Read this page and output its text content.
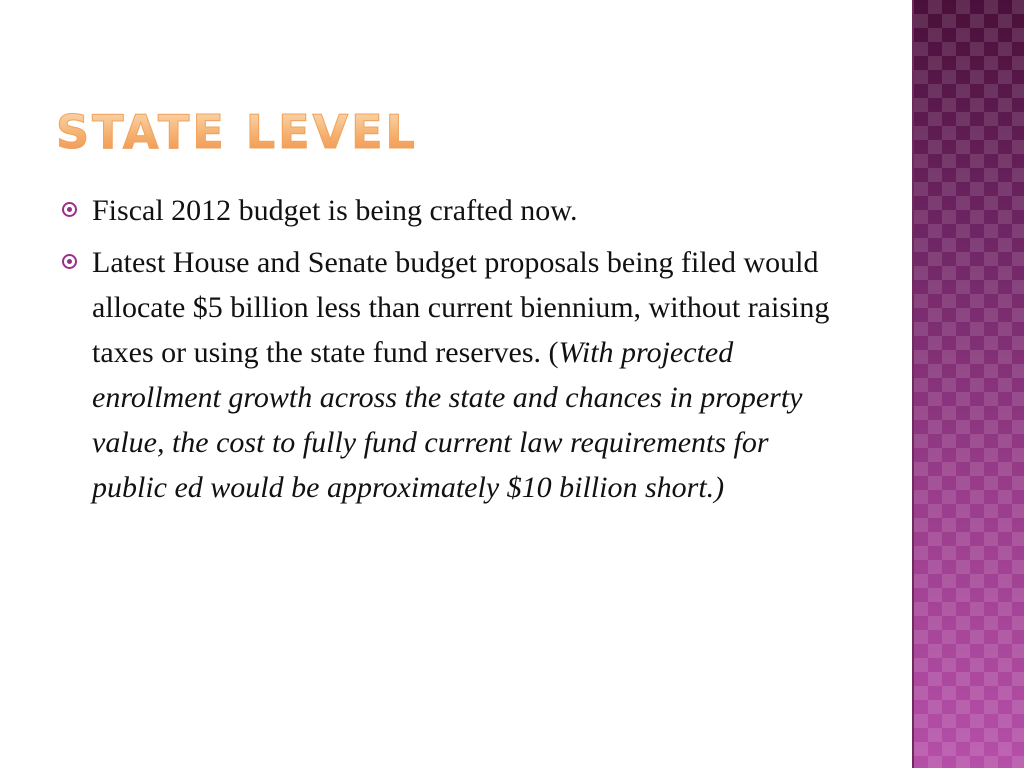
STATE LEVEL
Fiscal 2012 budget is being crafted now.
Latest House and Senate budget proposals being filed would allocate $5 billion less than current biennium, without raising taxes or using the state fund reserves. (With projected enrollment growth across the state and chances in property value, the cost to fully fund current law requirements for public ed would be approximately $10 billion short.)
